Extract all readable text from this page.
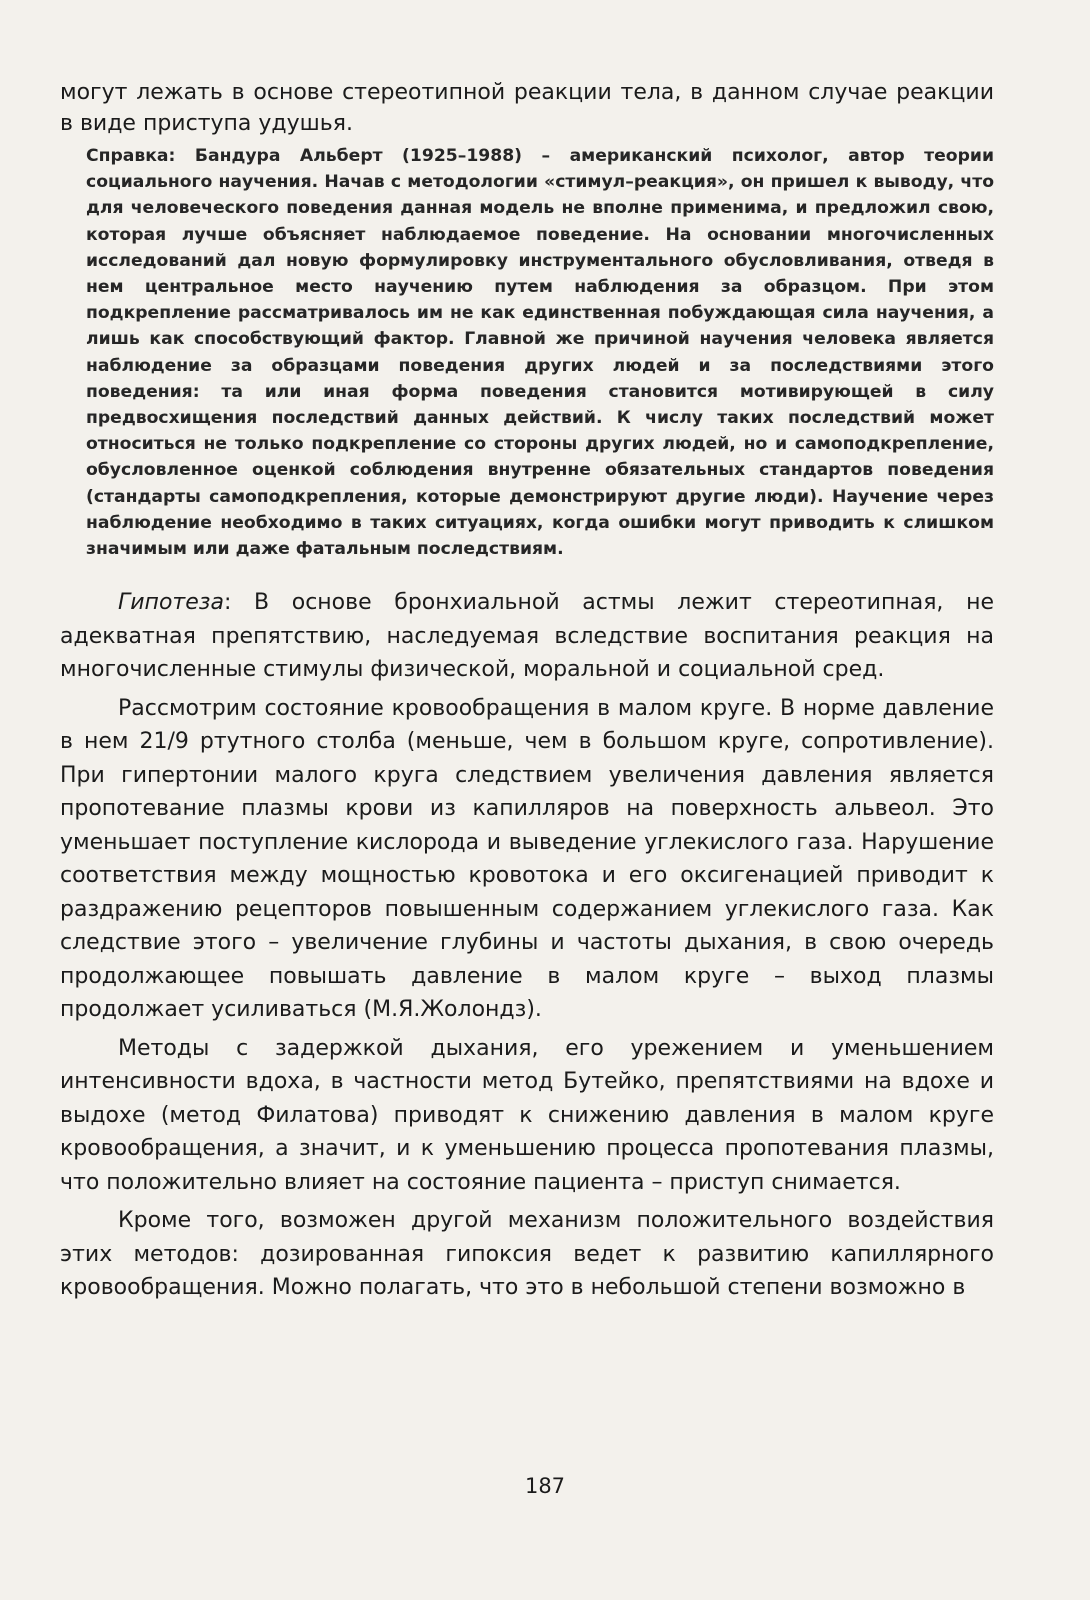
могут лежать в основе стереотипной реакции тела, в данном случае реакции в виде приступа удушья.

Справка: Бандура Альберт (1925–1988) – американский психолог, автор теории социального научения. Начав с методологии «стимул–реакция», он пришел к выводу, что для человеческого поведения данная модель не вполне применима, и предложил свою, которая лучше объясняет наблюдаемое поведение. На основании многочисленных исследований дал новую формулировку инструментального обусловливания, отведя в нем центральное место научению путем наблюдения за образцом. При этом подкрепление рассматривалось им не как единственная побуждающая сила научения, а лишь как способствующий фактор. Главной же причиной научения человека является наблюдение за образцами поведения других людей и за последствиями этого поведения: та или иная форма поведения становится мотивирующей в силу предвосхищения последствий данных действий. К числу таких последствий может относиться не только подкрепление со стороны других людей, но и самоподкрепление, обусловленное оценкой соблюдения внутренне обязательных стандартов поведения (стандарты самоподкрепления, которые демонстрируют другие люди). Научение через наблюдение необходимо в таких ситуациях, когда ошибки могут приводить к слишком значимым или даже фатальным последствиям.

Гипотеза: В основе бронхиальной астмы лежит стереотипная, не адекватная препятствию, наследуемая вследствие воспитания реакция на многочисленные стимулы физической, моральной и социальной сред.

Рассмотрим состояние кровообращения в малом круге. В норме давление в нем 21/9 ртутного столба (меньше, чем в большом круге, сопротивление). При гипертонии малого круга следствием увеличения давления является пропотевание плазмы крови из капилляров на поверхность альвеол. Это уменьшает поступление кислорода и выведение углекислого газа. Нарушение соответствия между мощностью кровотока и его оксигенацией приводит к раздражению рецепторов повышенным содержанием углекислого газа. Как следствие этого – увеличение глубины и частоты дыхания, в свою очередь продолжающее повышать давление в малом круге – выход плазмы продолжает усиливаться (М.Я.Жолондз).

Методы с задержкой дыхания, его урежением и уменьшением интенсивности вдоха, в частности метод Бутейко, препятствиями на вдохе и выдохе (метод Филатова) приводят к снижению давления в малом круге кровообращения, а значит, и к уменьшению процесса пропотевания плазмы, что положительно влияет на состояние пациента – приступ снимается.

Кроме того, возможен другой механизм положительного воздействия этих методов: дозированная гипоксия ведет к развитию капиллярного кровообращения. Можно полагать, что это в небольшой степени возможно в

187
